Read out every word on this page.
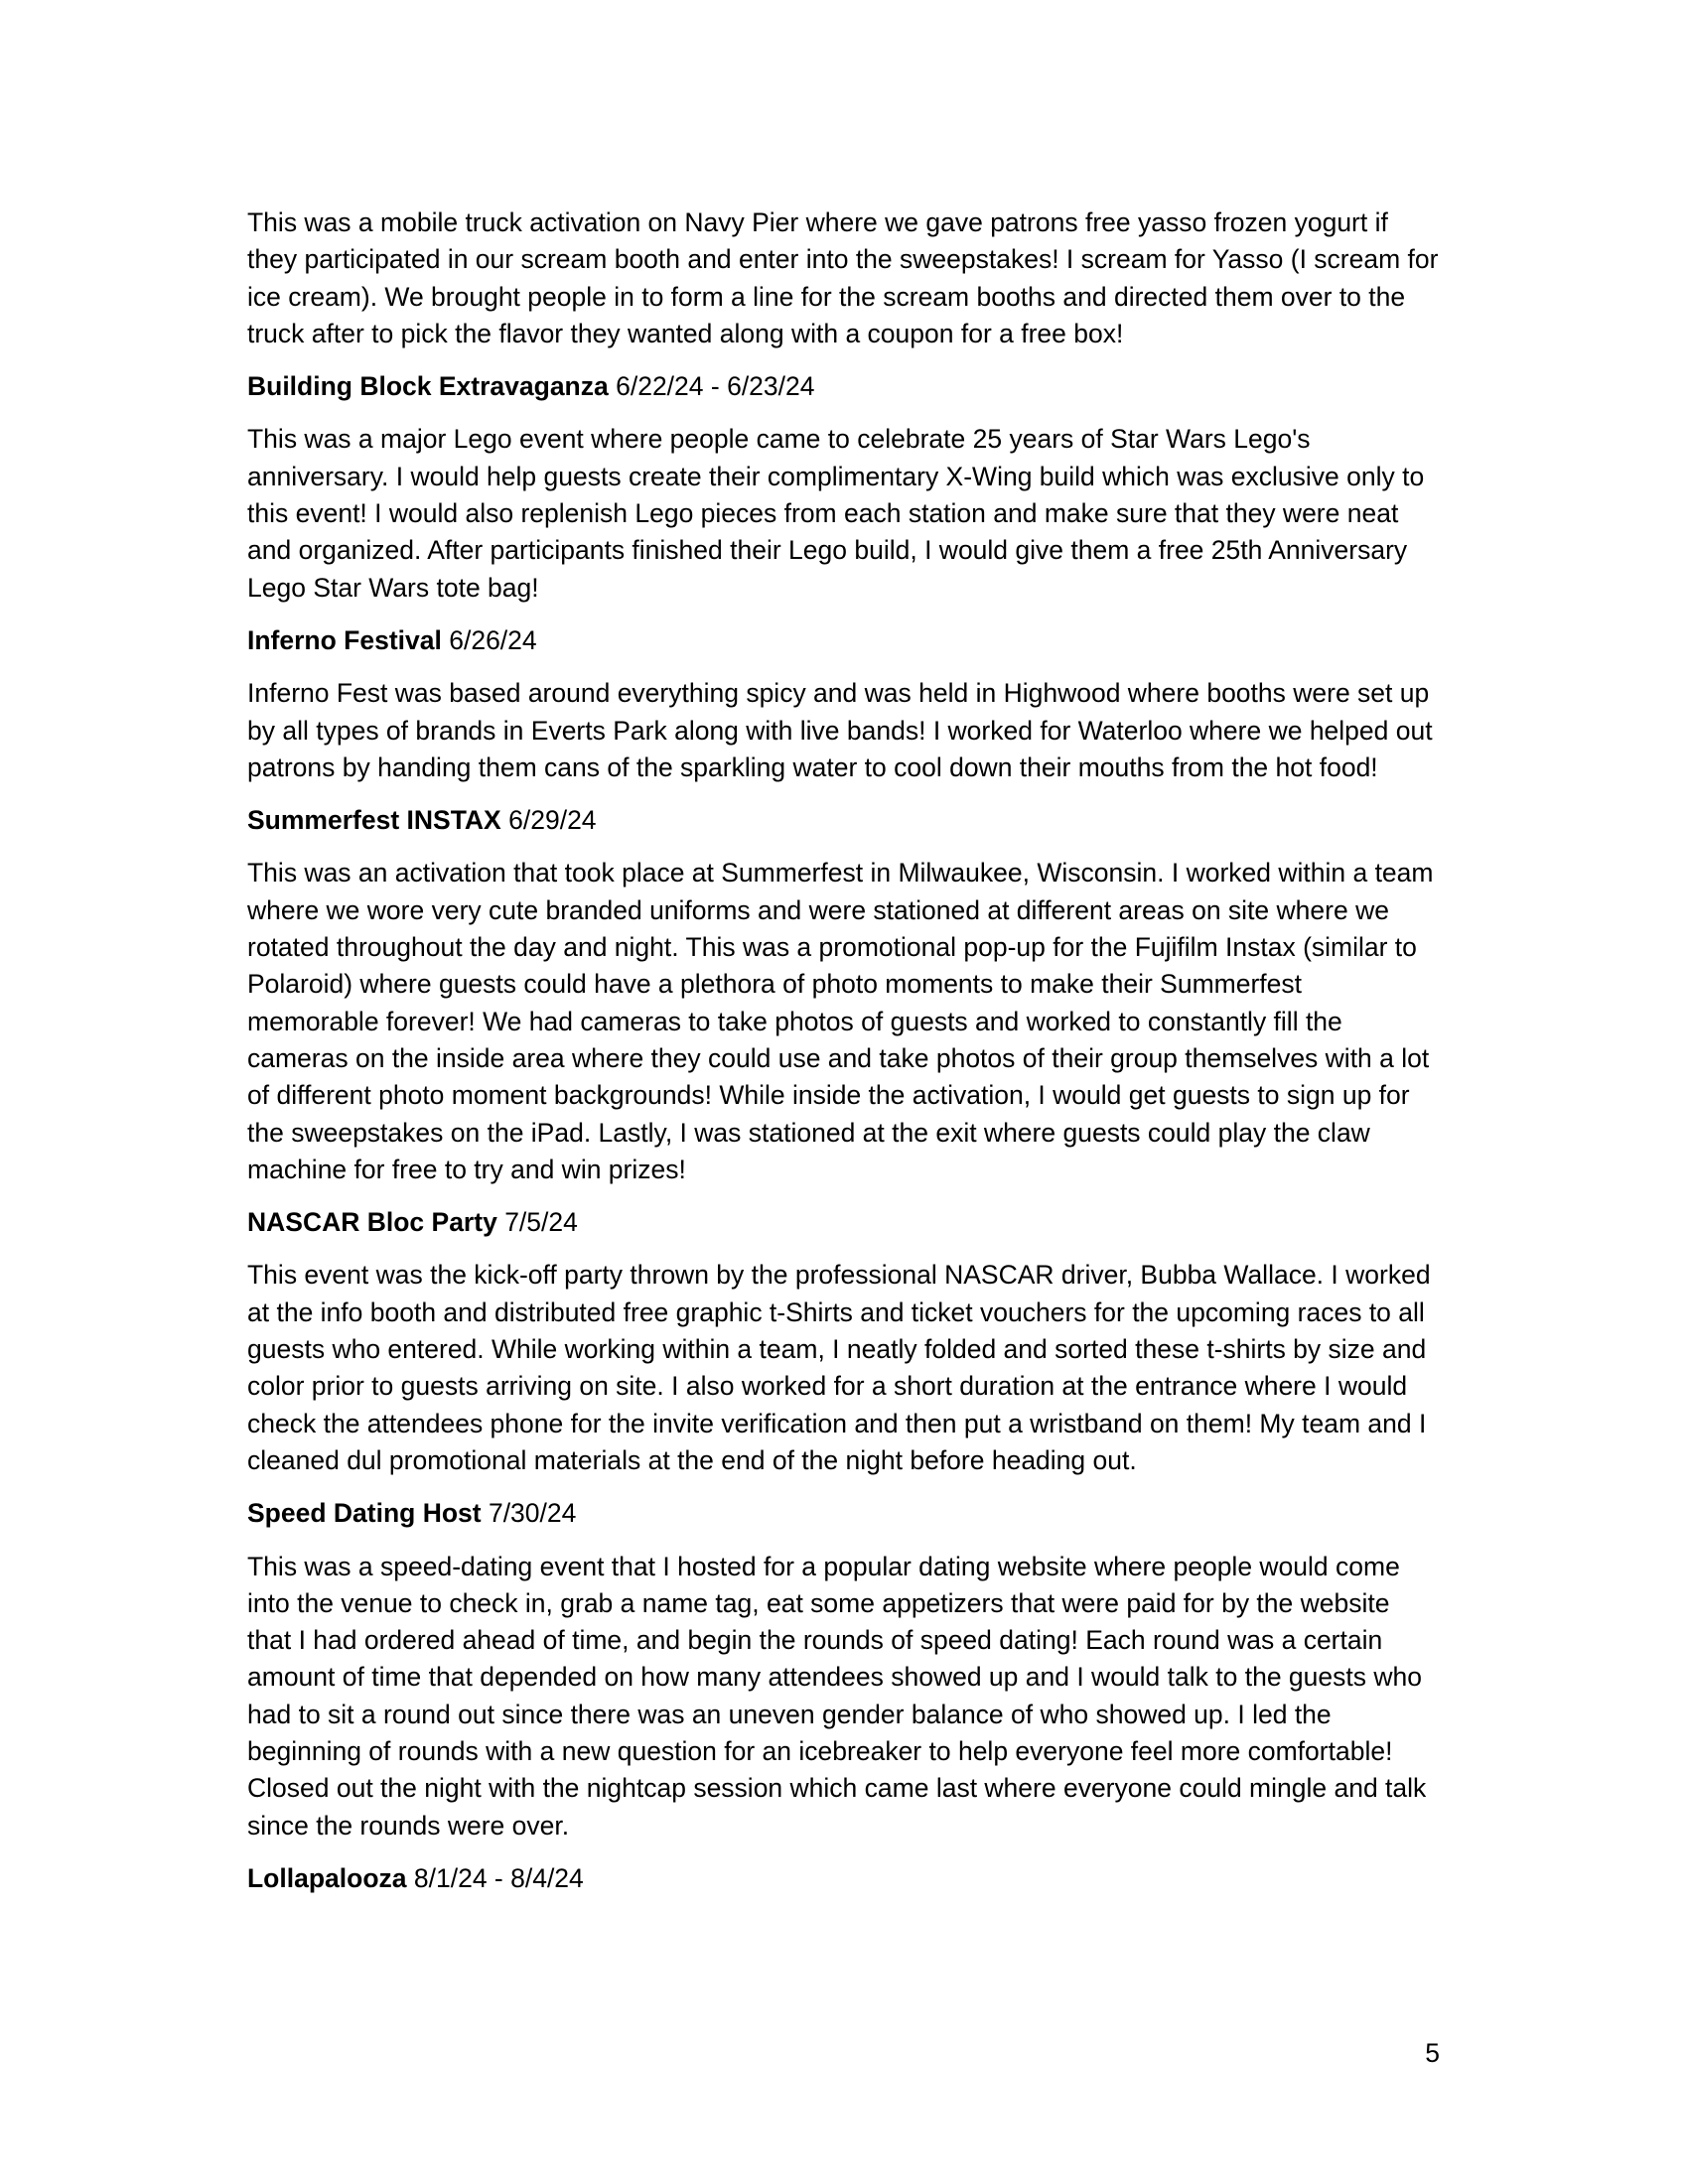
This was a mobile truck activation on Navy Pier where we gave patrons free yasso frozen yogurt if they participated in our scream booth and enter into the sweepstakes! I scream for Yasso (I scream for ice cream). We brought people in to form a line for the scream booths and directed them over to the truck after to pick the flavor they wanted along with a coupon for a free box!

Building Block Extravaganza 6/22/24 - 6/23/24

This was a major Lego event where people came to celebrate 25 years of Star Wars Lego's anniversary. I would help guests create their complimentary X-Wing build which was exclusive only to this event! I would also replenish Lego pieces from each station and make sure that they were neat and organized. After participants finished their Lego build, I would give them a free 25th Anniversary Lego Star Wars tote bag!

Inferno Festival 6/26/24

Inferno Fest was based around everything spicy and was held in Highwood where booths were set up by all types of brands in Everts Park along with live bands! I worked for Waterloo where we helped out patrons by handing them cans of the sparkling water to cool down their mouths from the hot food!

Summerfest INSTAX 6/29/24

This was an activation that took place at Summerfest in Milwaukee, Wisconsin. I worked within a team where we wore very cute branded uniforms and were stationed at different areas on site where we rotated throughout the day and night. This was a promotional pop-up for the Fujifilm Instax (similar to Polaroid) where guests could have a plethora of photo moments to make their Summerfest memorable forever! We had cameras to take photos of guests and worked to constantly fill the cameras on the inside area where they could use and take photos of their group themselves with a lot of different photo moment backgrounds! While inside the activation, I would get guests to sign up for the sweepstakes on the iPad. Lastly, I was stationed at the exit where guests could play the claw machine for free to try and win prizes!

NASCAR Bloc Party 7/5/24

This event was the kick-off party thrown by the professional NASCAR driver, Bubba Wallace. I worked at the info booth and distributed free graphic t-Shirts and ticket vouchers for the upcoming races to all guests who entered. While working within a team, I neatly folded and sorted these t-shirts by size and color prior to guests arriving on site. I also worked for a short duration at the entrance where I would check the attendees phone for the invite verification and then put a wristband on them! My team and I cleaned dul promotional materials at the end of the night before heading out.

Speed Dating Host 7/30/24

This was a speed-dating event that I hosted for a popular dating website where people would come into the venue to check in, grab a name tag, eat some appetizers that were paid for by the website that I had ordered ahead of time, and begin the rounds of speed dating! Each round was a certain amount of time that depended on how many attendees showed up and I would talk to the guests who had to sit a round out since there was an uneven gender balance of who showed up. I led the beginning of rounds with a new question for an icebreaker to help everyone feel more comfortable! Closed out the night with the nightcap session which came last where everyone could mingle and talk since the rounds were over.

Lollapalooza 8/1/24 - 8/4/24

5
